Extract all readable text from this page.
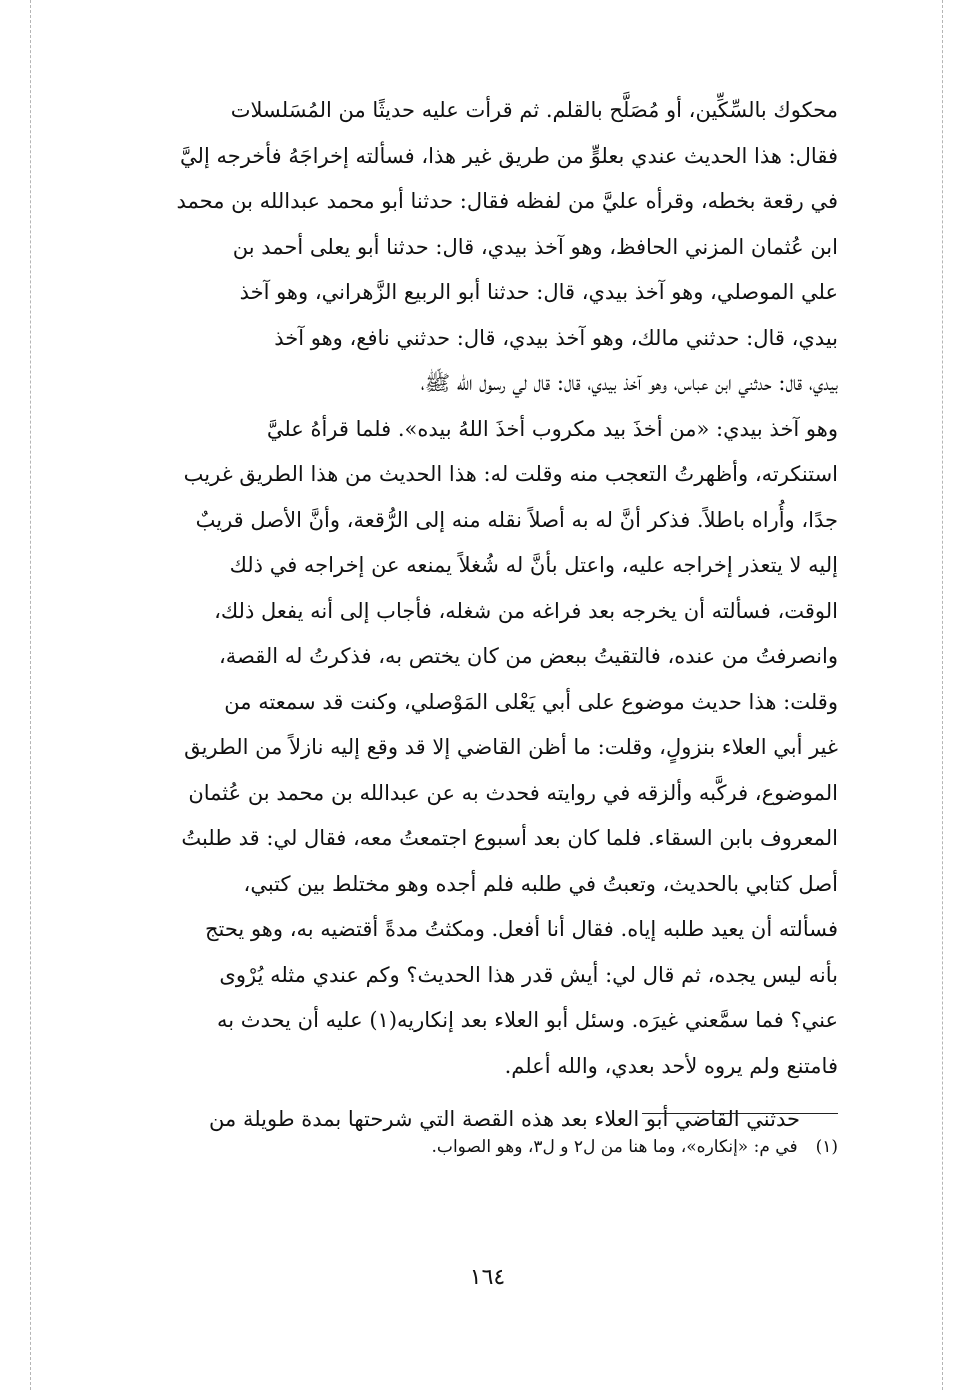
محكوك بالسِّكِّين، أو مُصَلَّح بالقلم. ثم قرأت عليه حديثًا من المُسَلسلات
فقال: هذا الحديث عندي بعلوٍّ من طريق غير هذا، فسألته إخراجَهُ فأخرجه إليَّ
في رقعة بخطه، وقرأه عليَّ من لفظه فقال: حدثنا أبو محمد عبدالله بن محمد
ابن عُثمان المزني الحافظ، وهو آخذ بيدي، قال: حدثنا أبو يعلى أحمد بن
علي الموصلي، وهو آخذ بيدي، قال: حدثنا أبو الربيع الزَّهراني، وهو آخذ
بيدي، قال: حدثني مالك، وهو آخذ بيدي، قال: حدثني نافع، وهو آخذ
بيدي، قال: حدثني ابن عباس، وهو آخذ بيدي، قال: قال لي رسول الله ﷺ،
وهو آخذ بيدي: «من أخذَ بيد مكروب أخذَ اللهُ بيده». فلما قرأهُ عليَّ
استنكرته، وأظهرتُ التعجب منه وقلت له: هذا الحديث من هذا الطريق غريب
جدًا، وأُراه باطلاً. فذكر أنَّ له به أصلاً نقله منه إلى الرُّقعة، وأنَّ الأصل قريبٌ
إليه لا يتعذر إخراجه عليه، واعتل بأنَّ له شُغلاً يمنعه عن إخراجه في ذلك
الوقت، فسألته أن يخرجه بعد فراغه من شغله، فأجاب إلى أنه يفعل ذلك،
وانصرفتُ من عنده، فالتقيتُ ببعض من كان يختص به، فذكرتُ له القصة،
وقلت: هذا حديث موضوع على أبي يَعْلى المَوْصلي، وكنت قد سمعته من
غير أبي العلاء بنزولٍ، وقلت: ما أظن القاضي إلا قد وقع إليه نازلاً من الطريق
الموضوع، فركَّبه وألزقه في روايته فحدث به عن عبدالله بن محمد بن عُثمان
المعروف بابن السقاء. فلما كان بعد أسبوع اجتمعتُ معه، فقال لي: قد طلبتُ
أصل كتابي بالحديث، وتعبتُ في طلبه فلم أجده وهو مختلط بين كتبي،
فسألته أن يعيد طلبه إياه. فقال أنا أفعل. ومكثتُ مدةً أقتضيه به، وهو يحتج
بأنه ليس يجده، ثم قال لي: أيش قدر هذا الحديث؟ وكم عندي مثله يُرْوى
عني؟ فما سمَّعني غيرَه. وسئل أبو العلاء بعد إنكاريه(١) عليه أن يحدث به
فامتنع ولم يروه لأحد بعدي، والله أعلم.
حدثني القاضي أبو العلاء بعد هذه القصة التي شرحتها بمدة طويلة من
(١)في م: «إنكاره»، وما هنا من ل٢ و ل٣، وهو الصواب.
١٦٤
